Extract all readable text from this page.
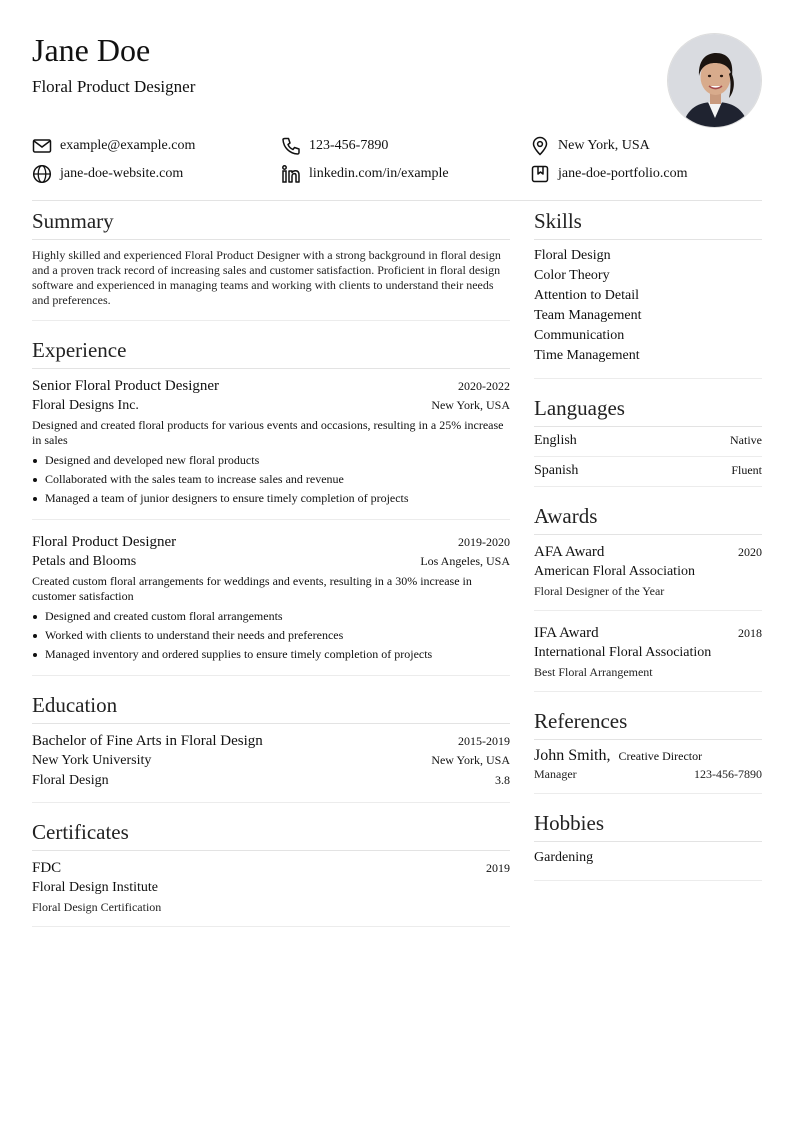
Jane Doe
Floral Product Designer
example@example.com	123-456-7890	New York, USA
jane-doe-website.com	linkedin.com/in/example	jane-doe-portfolio.com
Summary

Highly skilled and experienced Floral Product Designer with a strong background in floral design and a proven track record of increasing sales and customer satisfaction. Proficient in floral design software and experienced in managing teams and working with clients to understand their needs and preferences.

Experience
Senior Floral Product Designer	2020-2022
Floral Designs Inc.	New York, USA

Designed and created floral products for various events and occasions, resulting in a 25% increase in sales

Designed and developed new floral products
Collaborated with the sales team to increase sales and revenue
Managed a team of junior designers to ensure timely completion of projects
Floral Product Designer	2019-2020
Petals and Blooms	Los Angeles, USA

Created custom floral arrangements for weddings and events, resulting in a 30% increase in customer satisfaction

Designed and created custom floral arrangements
Worked with clients to understand their needs and preferences
Managed inventory and ordered supplies to ensure timely completion of projects
Education
Bachelor of Fine Arts in Floral Design	2015-2019
New York University	New York, USA
Floral Design	3.8
Certificates
FDC	2019
Floral Design Institute
Floral Design Certification
Skills
Floral Design
Color Theory
Attention to Detail
Team Management
Communication
Time Management
Languages
English	Native
Spanish	Fluent
Awards
AFA Award	2020
American Floral Association
Floral Designer of the Year
IFA Award	2018
International Floral Association
Best Floral Arrangement
References
John Smith, Creative Director
Manager	123-456-7890
Hobbies
Gardening
